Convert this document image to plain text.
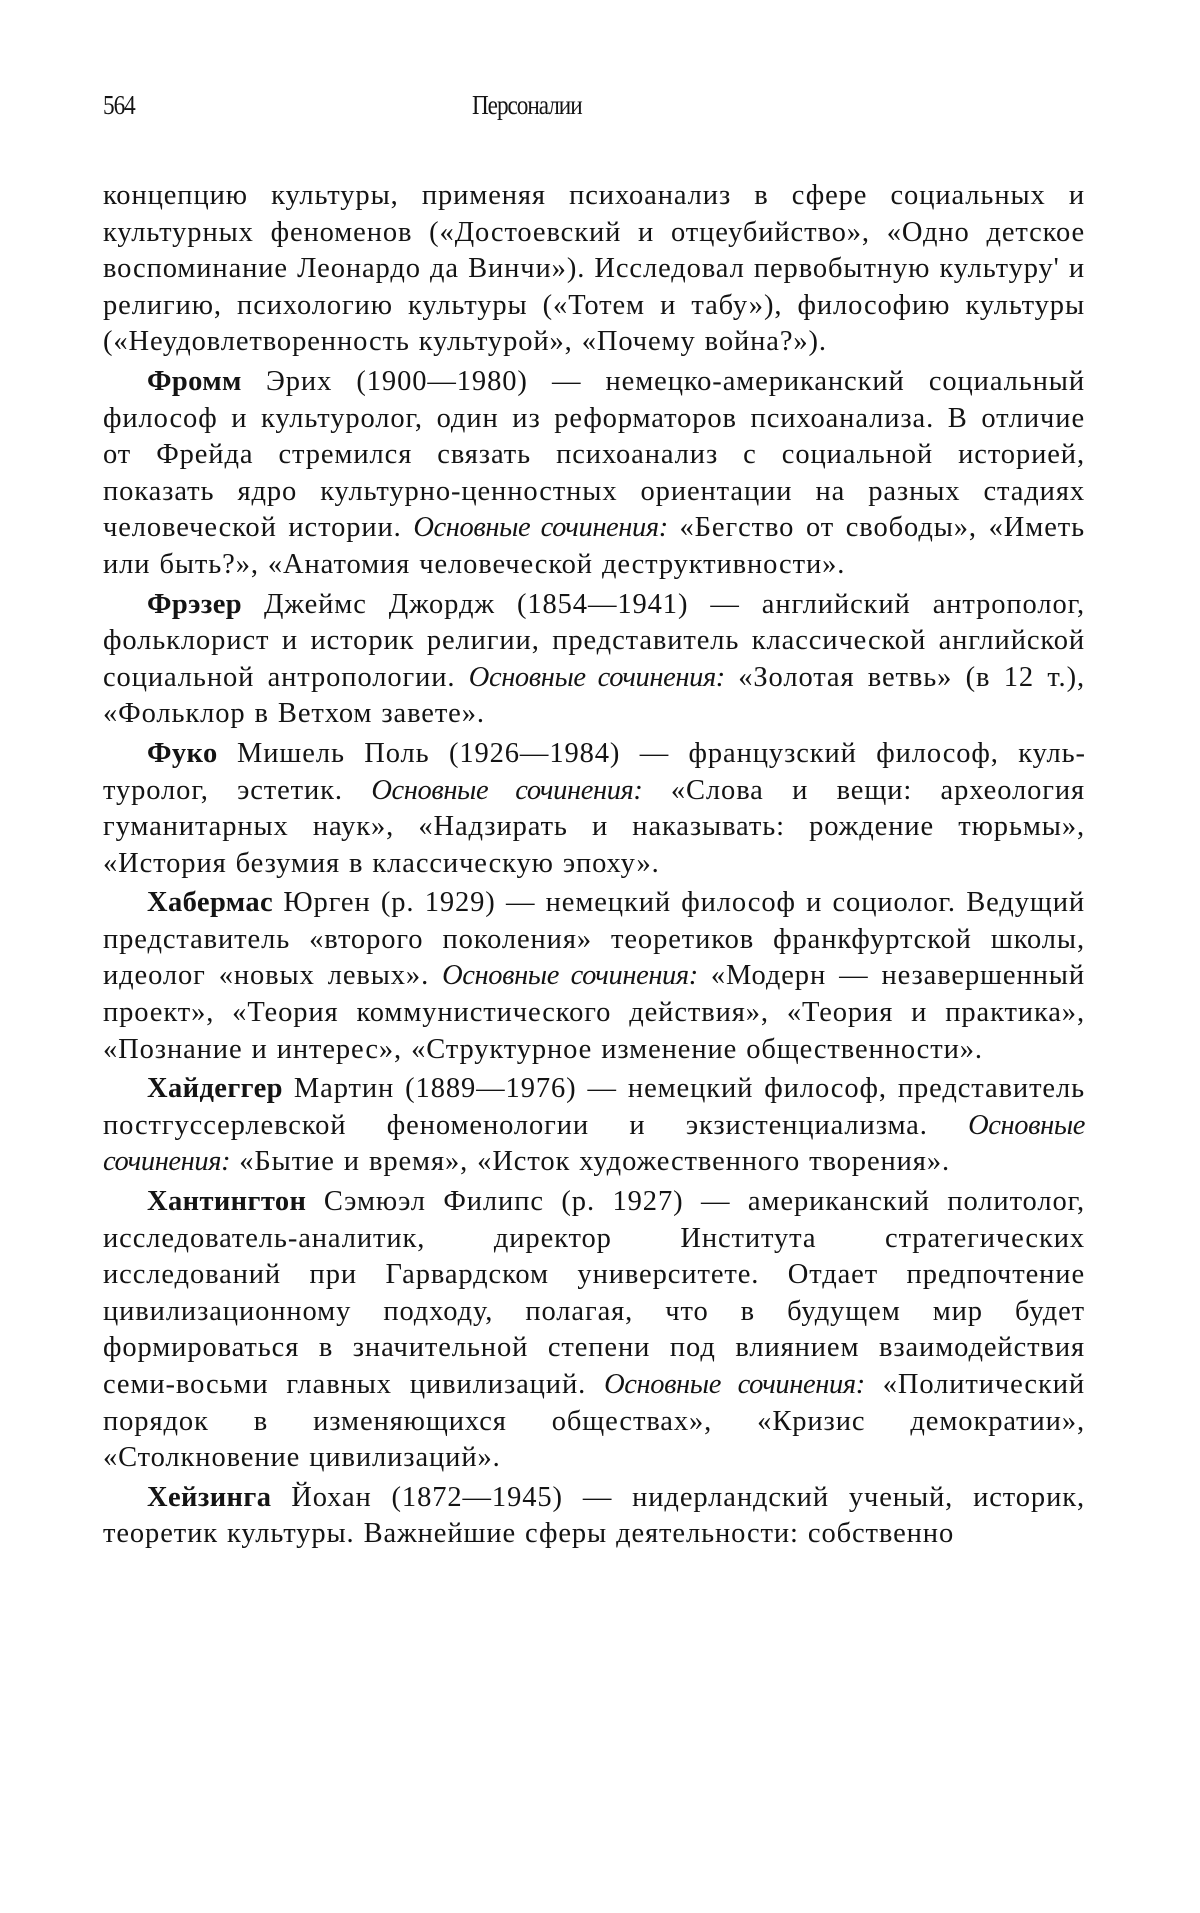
564	Персоналии

концепцию культуры, применяя психоанализ в сфере социальных и культурных феноменов («Достоевский и отцеубийство», «Одно детское воспоминание Леонардо да Винчи»). Исследовал первобытную культуру' и религию, психологию культуры («Тотем и табу»), философию культуры («Неудовлетворенность культурой», «Почему война?»).

Фромм Эрих (1900—1980) — немецко-американский социальный философ и культуролог, один из реформаторов психоанализа. В отличие от Фрейда стремился связать психоанализ с социальной историей, показать ядро культурно-ценностных ориентации на разных стадиях человеческой истории. Основные сочинения: «Бегство от свободы», «Иметь или быть?», «Анатомия человеческой деструктивности».

Фрэзер Джеймс Джордж (1854—1941) — английский антрополог, фольклорист и историк религии, представитель классической английской социальной антропологии. Основные сочинения: «Золотая ветвь» (в 12 т.), «Фольклор в Ветхом завете».

Фуко Мишель Поль (1926—1984) — французский философ, культуролог, эстетик. Основные сочинения: «Слова и вещи: археология гуманитарных наук», «Надзирать и наказывать: рождение тюрьмы», «История безумия в классическую эпоху».

Хабермас Юрген (р. 1929) — немецкий философ и социолог. Ведущий представитель «второго поколения» теоретиков франкфуртской школы, идеолог «новых левых». Основные сочинения: «Модерн — незавершенный проект», «Теория коммунистического действия», «Теория и практика», «Познание и интерес», «Структурное изменение общественности».

Хайдеггер Мартин (1889—1976) — немецкий философ, представитель постгуссерлевской феноменологии и экзистенциализма. Основные сочинения: «Бытие и время», «Исток художественного творения».

Хантингтон Сэмюэл Филипс (р. 1927) — американский политолог, исследователь-аналитик, директор Института стратегических исследований при Гарвардском университете. Отдает предпочтение цивилизационному подходу, полагая, что в будущем мир будет формироваться в значительной степени под влиянием взаимодействия семи-восьми главных цивилизаций. Основные сочинения: «Политический порядок в изменяющихся обществах», «Кризис демократии», «Столкновение цивилизаций».

Хейзинга Йохан (1872—1945) — нидерландский ученый, историк, теоретик культуры. Важнейшие сферы деятельности: собственно
